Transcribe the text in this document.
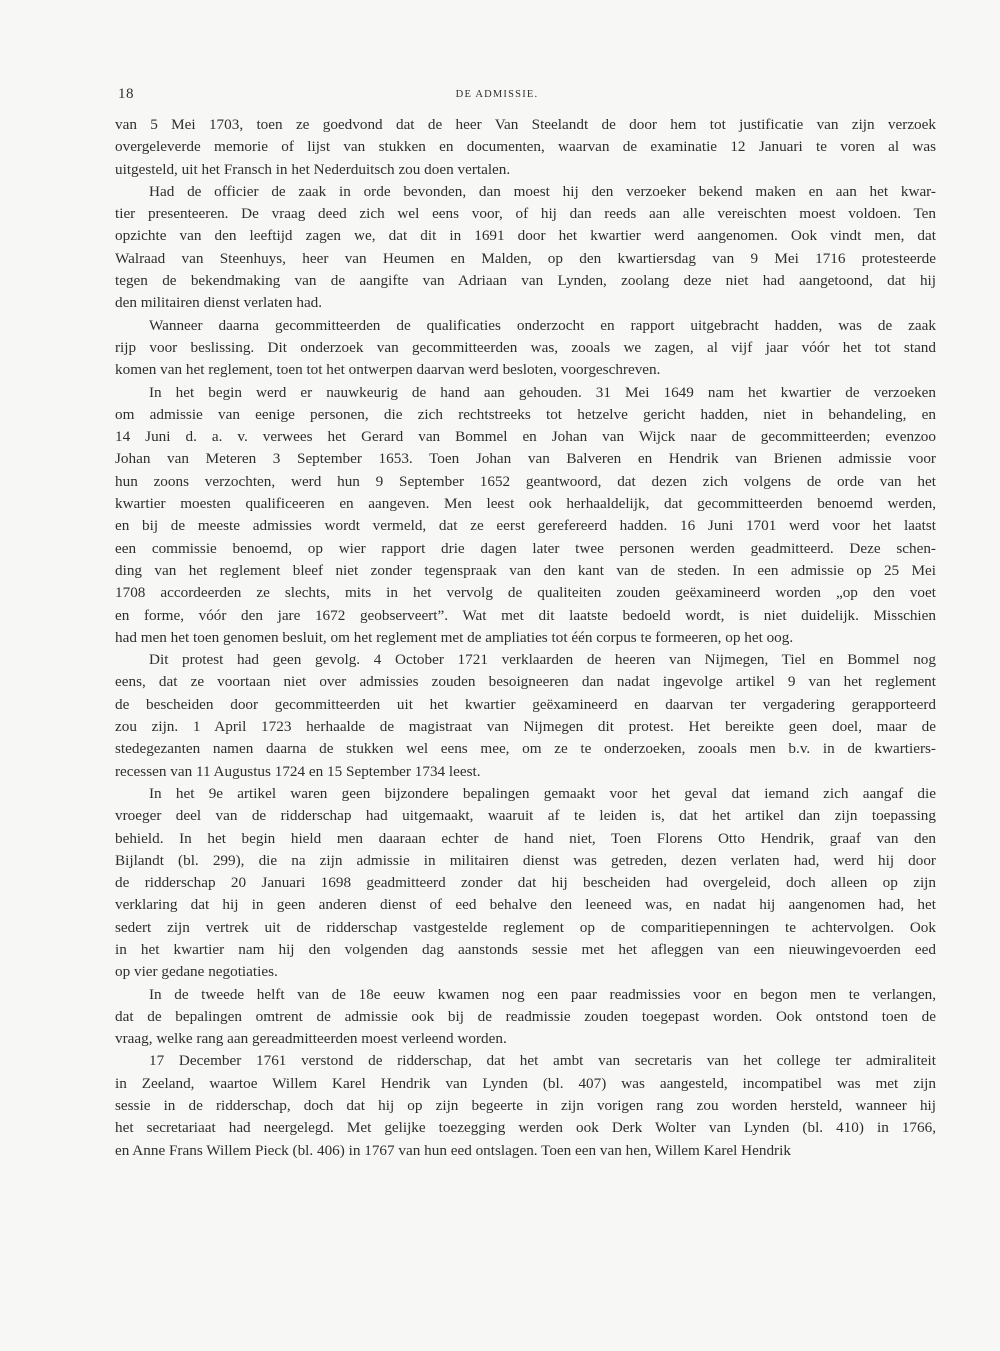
18	DE ADMISSIE.
van 5 Mei 1703, toen ze goedvond dat de heer Van Steelandt de door hem tot justificatie van zijn verzoek
overgeleverde memorie of lijst van stukken en documenten, waarvan de examinatie 12 Januari te voren al was
uitgesteld, uit het Fransch in het Nederduitsch zou doen vertalen.
Had de officier de zaak in orde bevonden, dan moest hij den verzoeker bekend maken en aan het kwar-
tier presenteeren. De vraag deed zich wel eens voor, of hij dan reeds aan alle vereischten moest voldoen. Ten
opzichte van den leeftijd zagen we, dat dit in 1691 door het kwartier werd aangenomen. Ook vindt men, dat
Walraad van Steenhuys, heer van Heumen en Malden, op den kwartiersdag van 9 Mei 1716 protesteerde
tegen de bekendmaking van de aangifte van Adriaan van Lynden, zoolang deze niet had aangetoond, dat hij
den militairen dienst verlaten had.
Wanneer daarna gecommitteerden de qualificaties onderzocht en rapport uitgebracht hadden, was de zaak
rijp voor beslissing. Dit onderzoek van gecommitteerden was, zooals we zagen, al vijf jaar vóór het tot stand
komen van het reglement, toen tot het ontwerpen daarvan werd besloten, voorgeschreven.
In het begin werd er nauwkeurig de hand aan gehouden. 31 Mei 1649 nam het kwartier de verzoeken
om admissie van eenige personen, die zich rechtstreeks tot hetzelve gericht hadden, niet in behandeling, en
14 Juni d. a. v. verwees het Gerard van Bommel en Johan van Wijck naar de gecommitteerden; evenzoo
Johan van Meteren 3 September 1653. Toen Johan van Balveren en Hendrik van Brienen admissie voor
hun zoons verzochten, werd hun 9 September 1652 geantwoord, dat dezen zich volgens de orde van het
kwartier moesten qualificeeren en aangeven. Men leest ook herhaaldelijk, dat gecommitteerden benoemd werden,
en bij de meeste admissies wordt vermeld, dat ze eerst gerefereerd hadden. 16 Juni 1701 werd voor het laatst
een commissie benoemd, op wier rapport drie dagen later twee personen werden geadmitteerd. Deze schen-
ding van het reglement bleef niet zonder tegenspraak van den kant van de steden. In een admissie op 25 Mei
1708 accordeerden ze slechts, mits in het vervolg de qualiteiten zouden geëxamineerd worden „op den voet
en forme, vóór den jare 1672 geobserveert”. Wat met dit laatste bedoeld wordt, is niet duidelijk. Misschien
had men het toen genomen besluit, om het reglement met de ampliaties tot één corpus te formeeren, op het oog.
Dit protest had geen gevolg. 4 October 1721 verklaarden de heeren van Nijmegen, Tiel en Bommel nog
eens, dat ze voortaan niet over admissies zouden besoigneeren dan nadat ingevolge artikel 9 van het reglement
de bescheiden door gecommitteerden uit het kwartier geëxamineerd en daarvan ter vergadering gerapporteerd
zou zijn. 1 April 1723 herhaalde de magistraat van Nijmegen dit protest. Het bereikte geen doel, maar de
stedegezanten namen daarna de stukken wel eens mee, om ze te onderzoeken, zooals men b.v. in de kwartiers-
recessen van 11 Augustus 1724 en 15 September 1734 leest.
In het 9e artikel waren geen bijzondere bepalingen gemaakt voor het geval dat iemand zich aangaf die
vroeger deel van de ridderschap had uitgemaakt, waaruit af te leiden is, dat het artikel dan zijn toepassing
behield. In het begin hield men daaraan echter de hand niet, Toen Florens Otto Hendrik, graaf van den
Bijlandt (bl. 299), die na zijn admissie in militairen dienst was getreden, dezen verlaten had, werd hij door
de ridderschap 20 Januari 1698 geadmitteerd zonder dat hij bescheiden had overgeleid, doch alleen op zijn
verklaring dat hij in geen anderen dienst of eed behalve den leeneed was, en nadat hij aangenomen had, het
sedert zijn vertrek uit de ridderschap vastgestelde reglement op de comparitiepenningen te achtervolgen. Ook
in het kwartier nam hij den volgenden dag aanstonds sessie met het afleggen van een nieuwingevoerden eed
op vier gedane negotiaties.
In de tweede helft van de 18e eeuw kwamen nog een paar readmissies voor en begon men te verlangen,
dat de bepalingen omtrent de admissie ook bij de readmissie zouden toegepast worden. Ook ontstond toen de
vraag, welke rang aan gereadmitteerden moest verleend worden.
17 December 1761 verstond de ridderschap, dat het ambt van secretaris van het college ter admiraliteit
in Zeeland, waartoe Willem Karel Hendrik van Lynden (bl. 407) was aangesteld, incompatibel was met zijn
sessie in de ridderschap, doch dat hij op zijn begeerte in zijn vorigen rang zou worden hersteld, wanneer hij
het secretariaat had neergelegd. Met gelijke toezegging werden ook Derk Wolter van Lynden (bl. 410) in 1766,
en Anne Frans Willem Pieck (bl. 406) in 1767 van hun eed ontslagen. Toen een van hen, Willem Karel Hendrik
